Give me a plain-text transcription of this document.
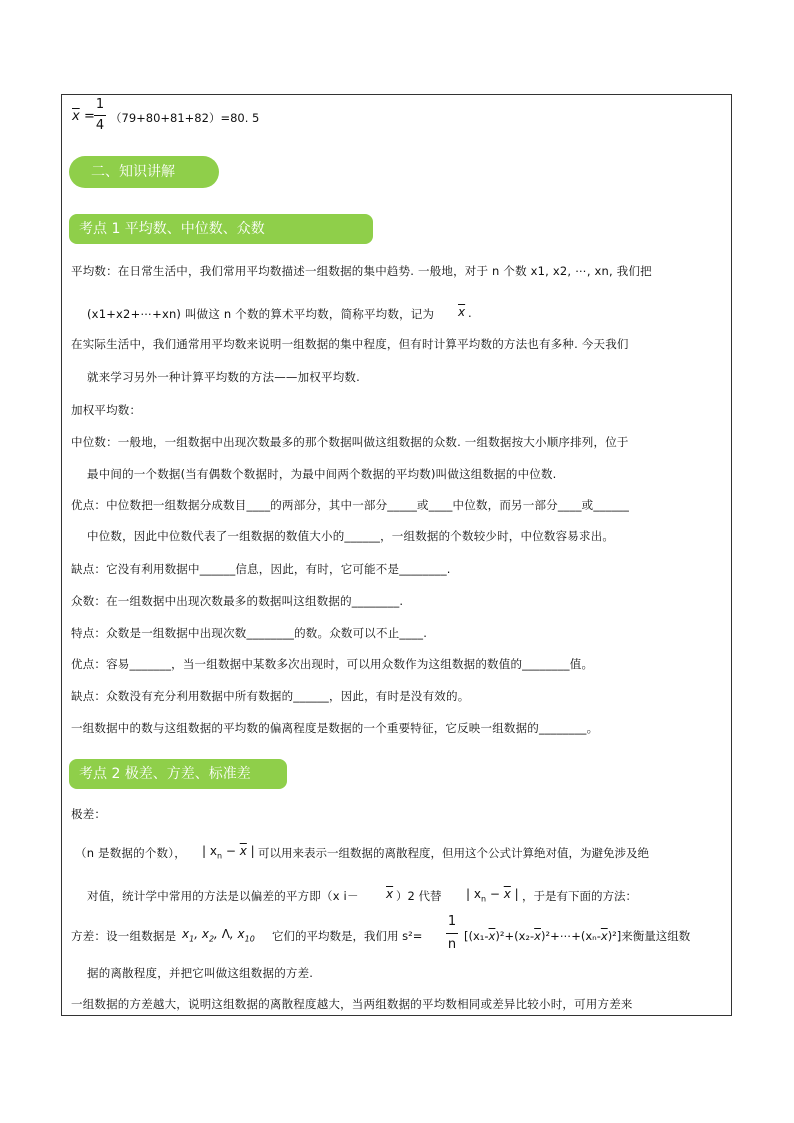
$\overline{x}$ =
1
4 （79+80+81+82）=80. 5
二、知识讲解
考点 1 平均数、中位数、众数
平均数：在日常生活中，我们常用平均数描述一组数据的集中趋势. 一般地，对于 n 个数 x1, x2, ⋯, xn, 我们把
(x1+x2+⋯+xn) 叫做这 n 个数的算术平均数，简称平均数，记为 $\overline{x}$ .
在实际生活中，我们通常用平均数来说明一组数据的集中程度，但有时计算平均数的方法也有多种. 今天我们
就来学习另外一种计算平均数的方法——加权平均数.
加权平均数：
中位数：一般地，一组数据中出现次数最多的那个数据叫做这组数据的众数. 一组数据按大小顺序排列，位于
最中间的一个数据(当有偶数个数据时，为最中间两个数据的平均数)叫做这组数据的中位数.
优点：中位数把一组数据分成数目____的两部分，其中一部分_____或____中位数，而另一部分____或______
中位数，因此中位数代表了一组数据的数值大小的______，一组数据的个数较少时，中位数容易求出。
缺点：它没有利用数据中______信息，因此，有时，它可能不是________.
众数：在一组数据中出现次数最多的数据叫这组数据的________.
特点：众数是一组数据中出现次数________的数。众数可以不止____.
优点：容易_______，当一组数据中某数多次出现时，可以用众数作为这组数据的数值的________值。
缺点：众数没有充分利用数据中所有数据的______，因此，有时是没有效的。
一组数据中的数与这组数据的平均数的偏离程度是数据的一个重要特征，它反映一组数据的________。
考点 2 极差、方差、标准差
极差：
（n 是数据的个数）， | $x_n - \overline{x}$ | 可以用来表示一组数据的离散程度，但用这个公式计算绝对值，为避免涉及绝
对值，统计学中常用的方法是以偏差的平方即（x $i- \overline{x}$ ）2 代替 | $x_n - \overline{x}$ | ，于是有下面的方法：
方差：设一组数据是 $x_1$, $x_2$, Λ, $x_{10}$ 它们的平均数是，我们用 s²=
1
n
$[(x_1-\overline{x})^2+(x_2-\overline{x})^2+\cdots+(x_n-\overline{x})^2]$来衡量这组数
据的离散程度，并把它叫做这组数据的方差.
一组数据的方差越大，说明这组数据的离散程度越大，当两组数据的平均数相同或差异比较小时，可用方差来
